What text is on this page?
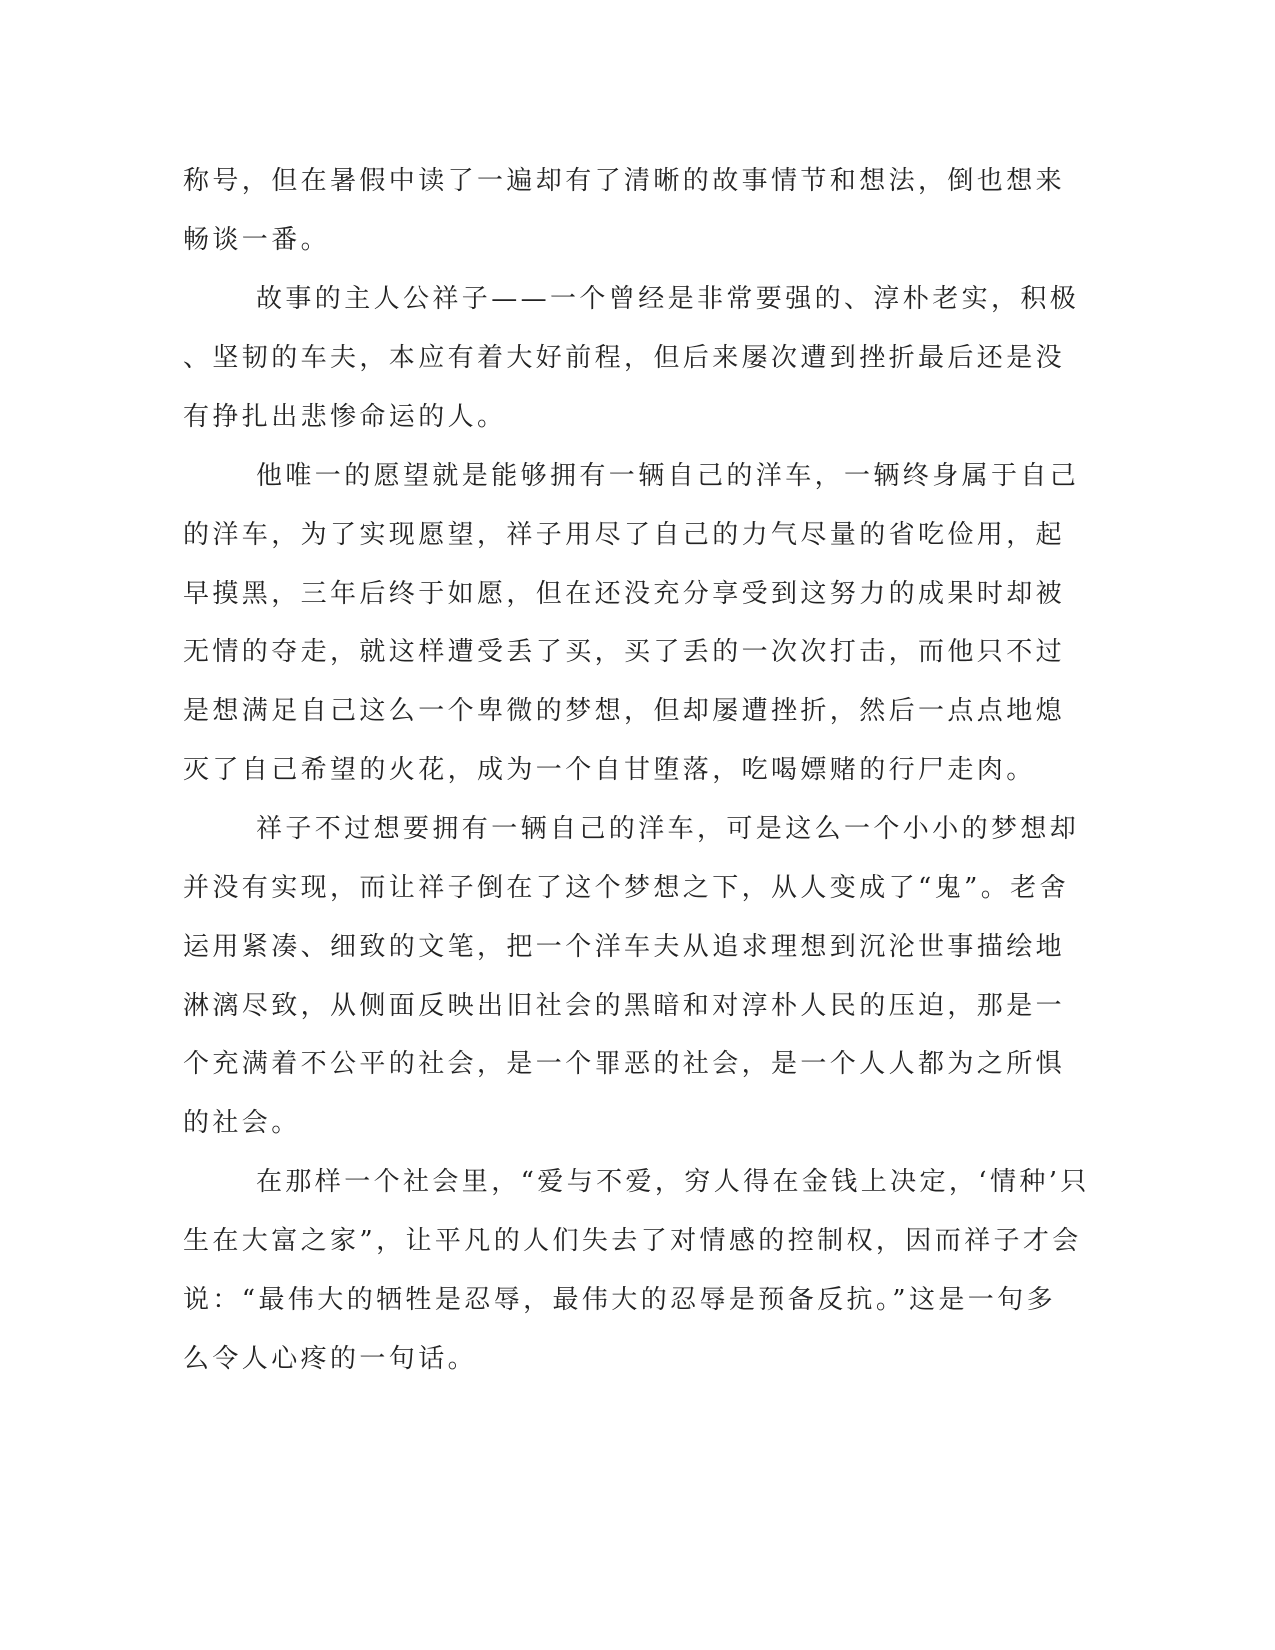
称号，但在暑假中读了一遍却有了清晰的故事情节和想法，倒也想来
畅谈一番。
故事的主人公祥子——一个曾经是非常要强的、淳朴老实，积极
、坚韧的车夫，本应有着大好前程，但后来屡次遭到挫折最后还是没
有挣扎出悲惨命运的人。
他唯一的愿望就是能够拥有一辆自己的洋车，一辆终身属于自己
的洋车，为了实现愿望，祥子用尽了自己的力气尽量的省吃俭用，起
早摸黑，三年后终于如愿，但在还没充分享受到这努力的成果时却被
无情的夺走，就这样遭受丢了买，买了丢的一次次打击，而他只不过
是想满足自己这么一个卑微的梦想，但却屡遭挫折，然后一点点地熄
灭了自己希望的火花，成为一个自甘堕落，吃喝嫖赌的行尸走肉。
祥子不过想要拥有一辆自己的洋车，可是这么一个小小的梦想却
并没有实现，而让祥子倒在了这个梦想之下，从人变成了“鬼”。老舍
运用紧凑、细致的文笔，把一个洋车夫从追求理想到沉沦世事描绘地
淋漓尽致，从侧面反映出旧社会的黑暗和对淳朴人民的压迫，那是一
个充满着不公平的社会，是一个罪恶的社会，是一个人人都为之所惧
的社会。
在那样一个社会里，“爱与不爱，穷人得在金钱上决定，‘情种’只
生在大富之家”，让平凡的人们失去了对情感的控制权，因而祥子才会
说：“最伟大的牺牲是忍辱，最伟大的忍辱是预备反抗。”这是一句多
么令人心疼的一句话。
